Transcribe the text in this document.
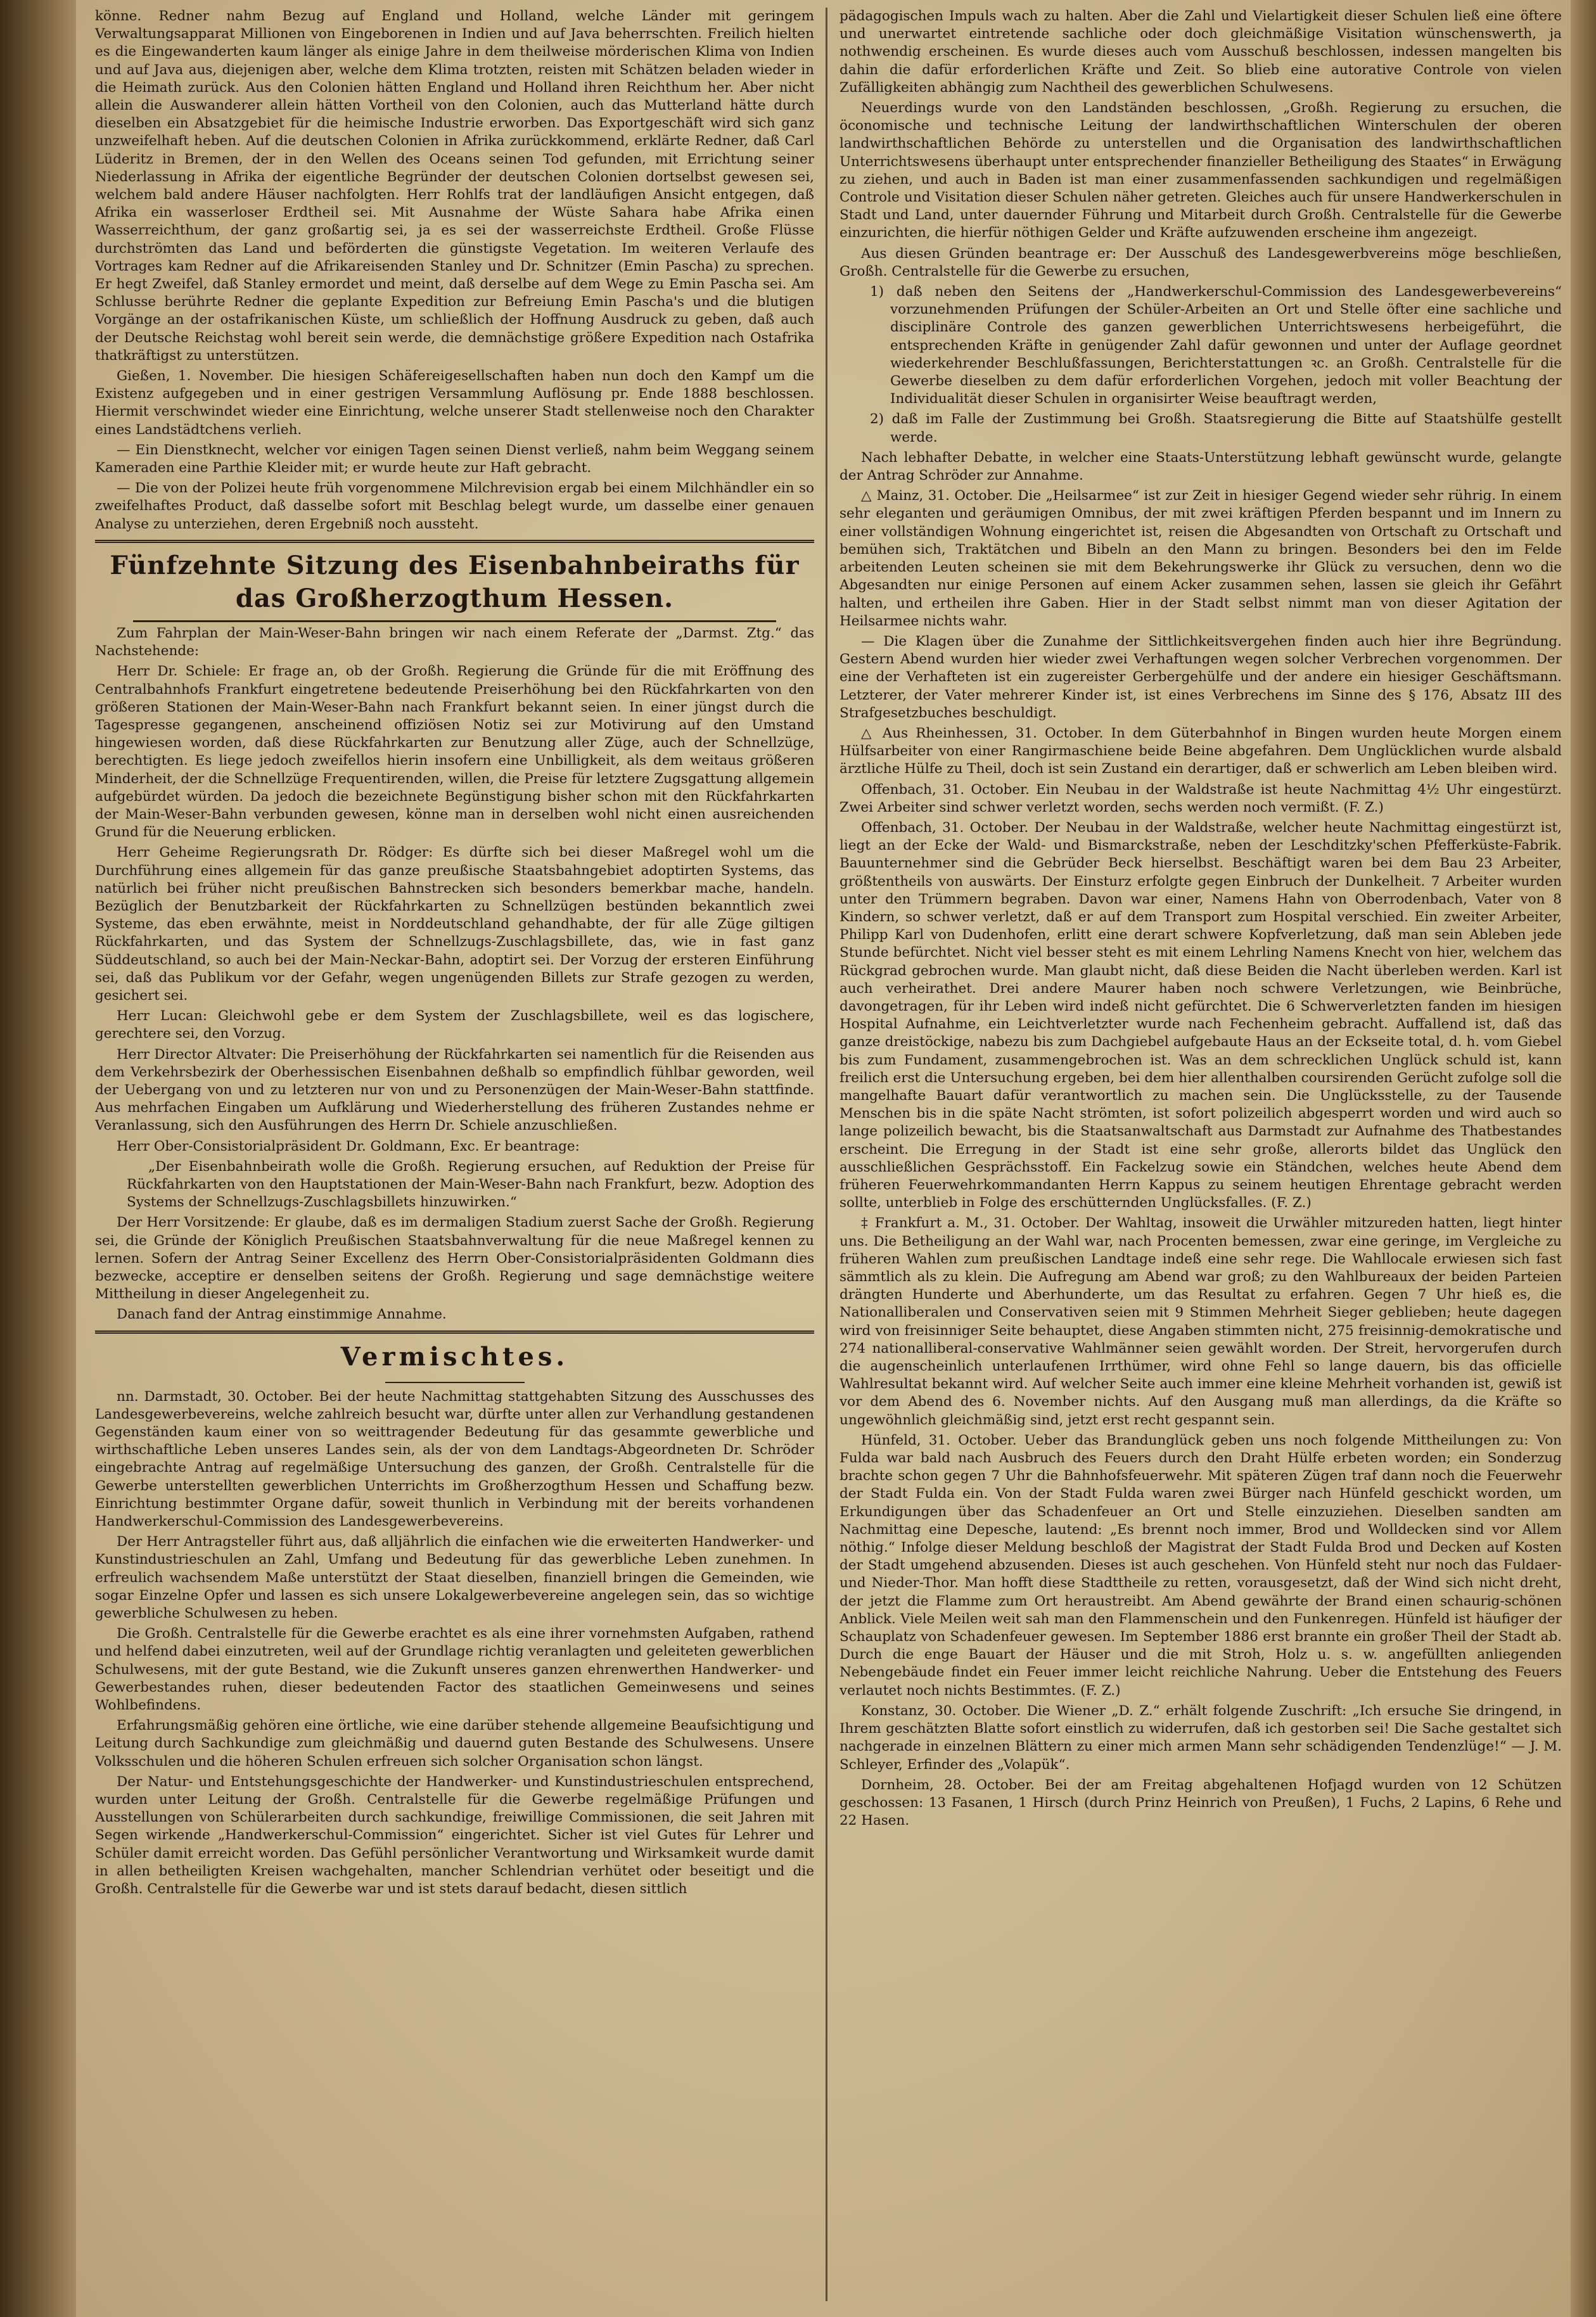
könne. Redner nahm Bezug auf England und Holland, welche Länder mit geringem Verwaltungsapparat Millionen von Eingeborenen in Indien und auf Java beherrschten. Freilich hielten es die Eingewanderten kaum länger als einige Jahre in dem theilweise mörderischen Klima von Indien und auf Java aus, diejenigen aber, welche dem Klima trotzten, reisten mit Schätzen beladen wieder in die Heimath zurück. Aus den Colonien hätten England und Holland ihren Reichthum her. Aber nicht allein die Auswanderer allein hätten Vortheil von den Colonien, auch das Mutterland hätte durch dieselben ein Absatzgebiet für die heimische Industrie erworben. Das Exportgeschäft wird sich ganz unzweifelhaft heben. Auf die deutschen Colonien in Afrika zurückkommend, erklärte Redner, daß Carl Lüderitz in Bremen, der in den Wellen des Oceans seinen Tod gefunden, mit Errichtung seiner Niederlassung in Afrika der eigentliche Begründer der deutschen Colonien dortselbst gewesen sei, welchem bald andere Häuser nachfolgten. Herr Rohlfs trat der landläufigen Ansicht entgegen, daß Afrika ein wasserloser Erdtheil sei. Mit Ausnahme der Wüste Sahara habe Afrika einen Wasserreichthum, der ganz großartig sei, ja es sei der wasserreichste Erdtheil. Große Flüsse durchströmten das Land und beförderten die günstigste Vegetation. Im weiteren Verlaufe des Vortrages kam Redner auf die Afrikareisenden Stanley und Dr. Schnitzer (Emin Pascha) zu sprechen. Er hegt Zweifel, daß Stanley ermordet und meint, daß derselbe auf dem Wege zu Emin Pascha sei. Am Schlusse berührte Redner die geplante Expedition zur Befreiung Emin Pascha's und die blutigen Vorgänge an der ostafrikanischen Küste, um schließlich der Hoffnung Ausdruck zu geben, daß auch der Deutsche Reichstag wohl bereit sein werde, die demnächstige größere Expedition nach Ostafrika thatkräftigst zu unterstützen.

Gießen, 1. November. Die hiesigen Schäfereigesellschaften haben nun doch den Kampf um die Existenz aufgegeben und in einer gestrigen Versammlung Auflösung pr. Ende 1888 beschlossen. Hiermit verschwindet wieder eine Einrichtung, welche unserer Stadt stellenweise noch den Charakter eines Landstädtchens verlieh.

— Ein Dienstknecht, welcher vor einigen Tagen seinen Dienst verließ, nahm beim Weggang seinem Kameraden eine Parthie Kleider mit; er wurde heute zur Haft gebracht.

— Die von der Polizei heute früh vorgenommene Milchrevision ergab bei einem Milchhändler ein so zweifelhaftes Product, daß dasselbe sofort mit Beschlag belegt wurde, um dasselbe einer genauen Analyse zu unterziehen, deren Ergebniß noch aussteht.

Fünfzehnte Sitzung des Eisenbahnbeiraths für das Großherzogthum Hessen.

Zum Fahrplan der Main-Weser-Bahn bringen wir nach einem Referate der „Darmst. Ztg.“ das Nachstehende:

Herr Dr. Schiele: Er frage an, ob der Großh. Regierung die Gründe für die mit Eröffnung des Centralbahnhofs Frankfurt eingetretene bedeutende Preiserhöhung bei den Rückfahrkarten von den größeren Stationen der Main-Weser-Bahn nach Frankfurt bekannt seien. In einer jüngst durch die Tagespresse gegangenen, anscheinend offiziösen Notiz sei zur Motivirung auf den Umstand hingewiesen worden, daß diese Rückfahrkarten zur Benutzung aller Züge, auch der Schnellzüge, berechtigten. Es liege jedoch zweifellos hierin insofern eine Unbilligkeit, als dem weitaus größeren Minderheit, der die Schnellzüge Frequentirenden, willen, die Preise für letztere Zugsgattung allgemein aufgebürdet würden. Da jedoch die bezeichnete Begünstigung bisher schon mit den Rückfahrkarten der Main-Weser-Bahn verbunden gewesen, könne man in derselben wohl nicht einen ausreichenden Grund für die Neuerung erblicken.

Herr Geheime Regierungsrath Dr. Rödger: Es dürfte sich bei dieser Maßregel wohl um die Durchführung eines allgemein für das ganze preußische Staatsbahngebiet adoptirten Systems, das natürlich bei früher nicht preußischen Bahnstrecken sich besonders bemerkbar mache, handeln. Bezüglich der Benutzbarkeit der Rückfahrkarten zu Schnellzügen bestünden bekanntlich zwei Systeme, das eben erwähnte, meist in Norddeutschland gehandhabte, der für alle Züge giltigen Rückfahrkarten, und das System der Schnellzugs-Zuschlagsbillete, das, wie in fast ganz Süddeutschland, so auch bei der Main-Neckar-Bahn, adoptirt sei. Der Vorzug der ersteren Einführung sei, daß das Publikum vor der Gefahr, wegen ungenügenden Billets zur Strafe gezogen zu werden, gesichert sei.

Herr Lucan: Gleichwohl gebe er dem System der Zuschlagsbillete, weil es das logischere, gerechtere sei, den Vorzug.

Herr Director Altvater: Die Preiserhöhung der Rückfahrkarten sei namentlich für die Reisenden aus dem Verkehrsbezirk der Oberhessischen Eisenbahnen deßhalb so empfindlich fühlbar geworden, weil der Uebergang von und zu letzteren nur von und zu Personenzügen der Main-Weser-Bahn stattfinde. Aus mehrfachen Eingaben um Aufklärung und Wiederherstellung des früheren Zustandes nehme er Veranlassung, sich den Ausführungen des Herrn Dr. Schiele anzuschließen.

Herr Ober-Consistorialpräsident Dr. Goldmann, Exc. Er beantrage:

„Der Eisenbahnbeirath wolle die Großh. Regierung ersuchen, auf Reduktion der Preise für Rückfahrkarten von den Hauptstationen der Main-Weser-Bahn nach Frankfurt, bezw. Adoption des Systems der Schnellzugs-Zuschlagsbillets hinzuwirken.“

Der Herr Vorsitzende: Er glaube, daß es im dermaligen Stadium zuerst Sache der Großh. Regierung sei, die Gründe der Königlich Preußischen Staatsbahnverwaltung für die neue Maßregel kennen zu lernen. Sofern der Antrag Seiner Excellenz des Herrn Ober-Consistorialpräsidenten Goldmann dies bezwecke, acceptire er denselben seitens der Großh. Regierung und sage demnächstige weitere Mittheilung in dieser Angelegenheit zu.

Danach fand der Antrag einstimmige Annahme.

Vermischtes.

nn. Darmstadt, 30. October. Bei der heute Nachmittag stattgehabten Sitzung des Ausschusses des Landesgewerbevereins, welche zahlreich besucht war, dürfte unter allen zur Verhandlung gestandenen Gegenständen kaum einer von so weittragender Bedeutung für das gesammte gewerbliche und wirthschaftliche Leben unseres Landes sein, als der von dem Landtags-Abgeordneten Dr. Schröder eingebrachte Antrag auf regelmäßige Untersuchung des ganzen, der Großh. Centralstelle für die Gewerbe unterstellten gewerblichen Unterrichts im Großherzogthum Hessen und Schaffung bezw. Einrichtung bestimmter Organe dafür, soweit thunlich in Verbindung mit der bereits vorhandenen Handwerkerschul-Commission des Landesgewerbevereins.

Der Herr Antragsteller führt aus, daß alljährlich die einfachen wie die erweiterten Handwerker- und Kunstindustrieschulen an Zahl, Umfang und Bedeutung für das gewerbliche Leben zunehmen. In erfreulich wachsendem Maße unterstützt der Staat dieselben, finanziell bringen die Gemeinden, wie sogar Einzelne Opfer und lassen es sich unsere Lokalgewerbevereine angelegen sein, das so wichtige gewerbliche Schulwesen zu heben.

Die Großh. Centralstelle für die Gewerbe erachtet es als eine ihrer vornehmsten Aufgaben, rathend und helfend dabei einzutreten, weil auf der Grundlage richtig veranlagten und geleiteten gewerblichen Schulwesens, mit der gute Bestand, wie die Zukunft unseres ganzen ehrenwerthen Handwerker- und Gewerbestandes ruhen, dieser bedeutenden Factor des staatlichen Gemeinwesens und seines Wohlbefindens.

Erfahrungsmäßig gehören eine örtliche, wie eine darüber stehende allgemeine Beaufsichtigung und Leitung durch Sachkundige zum gleichmäßig und dauernd guten Bestande des Schulwesens. Unsere Volksschulen und die höheren Schulen erfreuen sich solcher Organisation schon längst.

Der Natur- und Entstehungsgeschichte der Handwerker- und Kunstindustrieschulen entsprechend, wurden unter Leitung der Großh. Centralstelle für die Gewerbe regelmäßige Prüfungen und Ausstellungen von Schülerarbeiten durch sachkundige, freiwillige Commissionen, die seit Jahren mit Segen wirkende „Handwerkerschul-Commission“ eingerichtet. Sicher ist viel Gutes für Lehrer und Schüler damit erreicht worden. Das Gefühl persönlicher Verantwortung und Wirksamkeit wurde damit in allen betheiligten Kreisen wachgehalten, mancher Schlendrian verhütet oder beseitigt und die Großh. Centralstelle für die Gewerbe war und ist stets darauf bedacht, diesen sittlich

pädagogischen Impuls wach zu halten. Aber die Zahl und Vielartigkeit dieser Schulen ließ eine öftere und unerwartet eintretende sachliche oder doch gleichmäßige Visitation wünschenswerth, ja nothwendig erscheinen. Es wurde dieses auch vom Ausschuß beschlossen, indessen mangelten bis dahin die dafür erforderlichen Kräfte und Zeit. So blieb eine autorative Controle von vielen Zufälligkeiten abhängig zum Nachtheil des gewerblichen Schulwesens.

Neuerdings wurde von den Landständen beschlossen, „Großh. Regierung zu ersuchen, die öconomische und technische Leitung der landwirthschaftlichen Winterschulen der oberen landwirthschaftlichen Behörde zu unterstellen und die Organisation des landwirthschaftlichen Unterrichtswesens überhaupt unter entsprechender finanzieller Betheiligung des Staates“ in Erwägung zu ziehen, und auch in Baden ist man einer zusammenfassenden sachkundigen und regelmäßigen Controle und Visitation dieser Schulen näher getreten. Gleiches auch für unsere Handwerkerschulen in Stadt und Land, unter dauernder Führung und Mitarbeit durch Großh. Centralstelle für die Gewerbe einzurichten, die hierfür nöthigen Gelder und Kräfte aufzuwenden erscheine ihm angezeigt.

Aus diesen Gründen beantrage er: Der Ausschuß des Landesgewerbvereins möge beschließen, Großh. Centralstelle für die Gewerbe zu ersuchen,

1) daß neben den Seitens der „Handwerkerschul-Commission des Landesgewerbevereins“ vorzunehmenden Prüfungen der Schüler-Arbeiten an Ort und Stelle öfter eine sachliche und disciplinäre Controle des ganzen gewerblichen Unterrichtswesens herbeigeführt, die entsprechenden Kräfte in genügender Zahl dafür gewonnen und unter der Auflage geordnet wiederkehrender Beschlußfassungen, Berichterstattungen ꝛc. an Großh. Centralstelle für die Gewerbe dieselben zu dem dafür erforderlichen Vorgehen, jedoch mit voller Beachtung der Individualität dieser Schulen in organisirter Weise beauftragt werden,

2) daß im Falle der Zustimmung bei Großh. Staatsregierung die Bitte auf Staatshülfe gestellt werde.

Nach lebhafter Debatte, in welcher eine Staats-Unterstützung lebhaft gewünscht wurde, gelangte der Antrag Schröder zur Annahme.

△ Mainz, 31. October. Die „Heilsarmee“ ist zur Zeit in hiesiger Gegend wieder sehr rührig. In einem sehr eleganten und geräumigen Omnibus, der mit zwei kräftigen Pferden bespannt und im Innern zu einer vollständigen Wohnung eingerichtet ist, reisen die Abgesandten von Ortschaft zu Ortschaft und bemühen sich, Traktätchen und Bibeln an den Mann zu bringen. Besonders bei den im Felde arbeitenden Leuten scheinen sie mit dem Bekehrungswerke ihr Glück zu versuchen, denn wo die Abgesandten nur einige Personen auf einem Acker zusammen sehen, lassen sie gleich ihr Gefährt halten, und ertheilen ihre Gaben. Hier in der Stadt selbst nimmt man von dieser Agitation der Heilsarmee nichts wahr.

— Die Klagen über die Zunahme der Sittlichkeitsvergehen finden auch hier ihre Begründung. Gestern Abend wurden hier wieder zwei Verhaftungen wegen solcher Verbrechen vorgenommen. Der eine der Verhafteten ist ein zugereister Gerbergehülfe und der andere ein hiesiger Geschäftsmann. Letzterer, der Vater mehrerer Kinder ist, ist eines Verbrechens im Sinne des § 176, Absatz III des Strafgesetzbuches beschuldigt.

△ Aus Rheinhessen, 31. October. In dem Güterbahnhof in Bingen wurden heute Morgen einem Hülfsarbeiter von einer Rangirmaschiene beide Beine abgefahren. Dem Unglücklichen wurde alsbald ärztliche Hülfe zu Theil, doch ist sein Zustand ein derartiger, daß er schwerlich am Leben bleiben wird.

Offenbach, 31. October. Ein Neubau in der Waldstraße ist heute Nachmittag 4½ Uhr eingestürzt. Zwei Arbeiter sind schwer verletzt worden, sechs werden noch vermißt. (F. Z.)

Offenbach, 31. October. Der Neubau in der Waldstraße, welcher heute Nachmittag eingestürzt ist, liegt an der Ecke der Wald- und Bismarckstraße, neben der Leschditzky'schen Pfefferküste-Fabrik. Bauunternehmer sind die Gebrüder Beck hierselbst. Beschäftigt waren bei dem Bau 23 Arbeiter, größtentheils von auswärts. Der Einsturz erfolgte gegen Einbruch der Dunkelheit. 7 Arbeiter wurden unter den Trümmern begraben. Davon war einer, Namens Hahn von Oberrodenbach, Vater von 8 Kindern, so schwer verletzt, daß er auf dem Transport zum Hospital verschied. Ein zweiter Arbeiter, Philipp Karl von Dudenhofen, erlitt eine derart schwere Kopfverletzung, daß man sein Ableben jede Stunde befürchtet. Nicht viel besser steht es mit einem Lehrling Namens Knecht von hier, welchem das Rückgrad gebrochen wurde. Man glaubt nicht, daß diese Beiden die Nacht überleben werden. Karl ist auch verheirathet. Drei andere Maurer haben noch schwere Verletzungen, wie Beinbrüche, davongetragen, für ihr Leben wird indeß nicht gefürchtet. Die 6 Schwerverletzten fanden im hiesigen Hospital Aufnahme, ein Leichtverletzter wurde nach Fechenheim gebracht. Auffallend ist, daß das ganze dreistöckige, nabezu bis zum Dachgiebel aufgebaute Haus an der Eckseite total, d. h. vom Giebel bis zum Fundament, zusammengebrochen ist. Was an dem schrecklichen Unglück schuld ist, kann freilich erst die Untersuchung ergeben, bei dem hier allenthalben coursirenden Gerücht zufolge soll die mangelhafte Bauart dafür verantwortlich zu machen sein. Die Unglücksstelle, zu der Tausende Menschen bis in die späte Nacht strömten, ist sofort polizeilich abgesperrt worden und wird auch so lange polizeilich bewacht, bis die Staatsanwaltschaft aus Darmstadt zur Aufnahme des Thatbestandes erscheint. Die Erregung in der Stadt ist eine sehr große, allerorts bildet das Unglück den ausschließlichen Gesprächsstoff. Ein Fackelzug sowie ein Ständchen, welches heute Abend dem früheren Feuerwehrkommandanten Herrn Kappus zu seinem heutigen Ehrentage gebracht werden sollte, unterblieb in Folge des erschütternden Unglücksfalles. (F. Z.)

‡ Frankfurt a. M., 31. October. Der Wahltag, insoweit die Urwähler mitzureden hatten, liegt hinter uns. Die Betheiligung an der Wahl war, nach Procenten bemessen, zwar eine geringe, im Vergleiche zu früheren Wahlen zum preußischen Landtage indeß eine sehr rege. Die Wahllocale erwiesen sich fast sämmtlich als zu klein. Die Aufregung am Abend war groß; zu den Wahlbureaux der beiden Parteien drängten Hunderte und Aberhunderte, um das Resultat zu erfahren. Gegen 7 Uhr hieß es, die Nationalliberalen und Conservativen seien mit 9 Stimmen Mehrheit Sieger geblieben; heute dagegen wird von freisinniger Seite behauptet, diese Angaben stimmten nicht, 275 freisinnig-demokratische und 274 nationalliberal-conservative Wahlmänner seien gewählt worden. Der Streit, hervorgerufen durch die augenscheinlich unterlaufenen Irrthümer, wird ohne Fehl so lange dauern, bis das officielle Wahlresultat bekannt wird. Auf welcher Seite auch immer eine kleine Mehrheit vorhanden ist, gewiß ist vor dem Abend des 6. November nichts. Auf den Ausgang muß man allerdings, da die Kräfte so ungewöhnlich gleichmäßig sind, jetzt erst recht gespannt sein.

Hünfeld, 31. October. Ueber das Brandunglück geben uns noch folgende Mittheilungen zu: Von Fulda war bald nach Ausbruch des Feuers durch den Draht Hülfe erbeten worden; ein Sonderzug brachte schon gegen 7 Uhr die Bahnhofsfeuerwehr. Mit späteren Zügen traf dann noch die Feuerwehr der Stadt Fulda ein. Von der Stadt Fulda waren zwei Bürger nach Hünfeld geschickt worden, um Erkundigungen über das Schadenfeuer an Ort und Stelle einzuziehen. Dieselben sandten am Nachmittag eine Depesche, lautend: „Es brennt noch immer, Brod und Wolldecken sind vor Allem nöthig.“ Infolge dieser Meldung beschloß der Magistrat der Stadt Fulda Brod und Decken auf Kosten der Stadt umgehend abzusenden. Dieses ist auch geschehen. Von Hünfeld steht nur noch das Fuldaer- und Nieder-Thor. Man hofft diese Stadttheile zu retten, vorausgesetzt, daß der Wind sich nicht dreht, der jetzt die Flamme zum Ort heraustreibt. Am Abend gewährte der Brand einen schaurig-schönen Anblick. Viele Meilen weit sah man den Flammenschein und den Funkenregen. Hünfeld ist häufiger der Schauplatz von Schadenfeuer gewesen. Im September 1886 erst brannte ein großer Theil der Stadt ab. Durch die enge Bauart der Häuser und die mit Stroh, Holz u. s. w. angefüllten anliegenden Nebengebäude findet ein Feuer immer leicht reichliche Nahrung. Ueber die Entstehung des Feuers verlautet noch nichts Bestimmtes. (F. Z.)

Konstanz, 30. October. Die Wiener „D. Z.“ erhält folgende Zuschrift: „Ich ersuche Sie dringend, in Ihrem geschätzten Blatte sofort einstlich zu widerrufen, daß ich gestorben sei! Die Sache gestaltet sich nachgerade in einzelnen Blättern zu einer mich armen Mann sehr schädigenden Tendenzlüge!“ — J. M. Schleyer, Erfinder des „Volapük“.

Dornheim, 28. October. Bei der am Freitag abgehaltenen Hofjagd wurden von 12 Schützen geschossen: 13 Fasanen, 1 Hirsch (durch Prinz Heinrich von Preußen), 1 Fuchs, 2 Lapins, 6 Rehe und 22 Hasen.
